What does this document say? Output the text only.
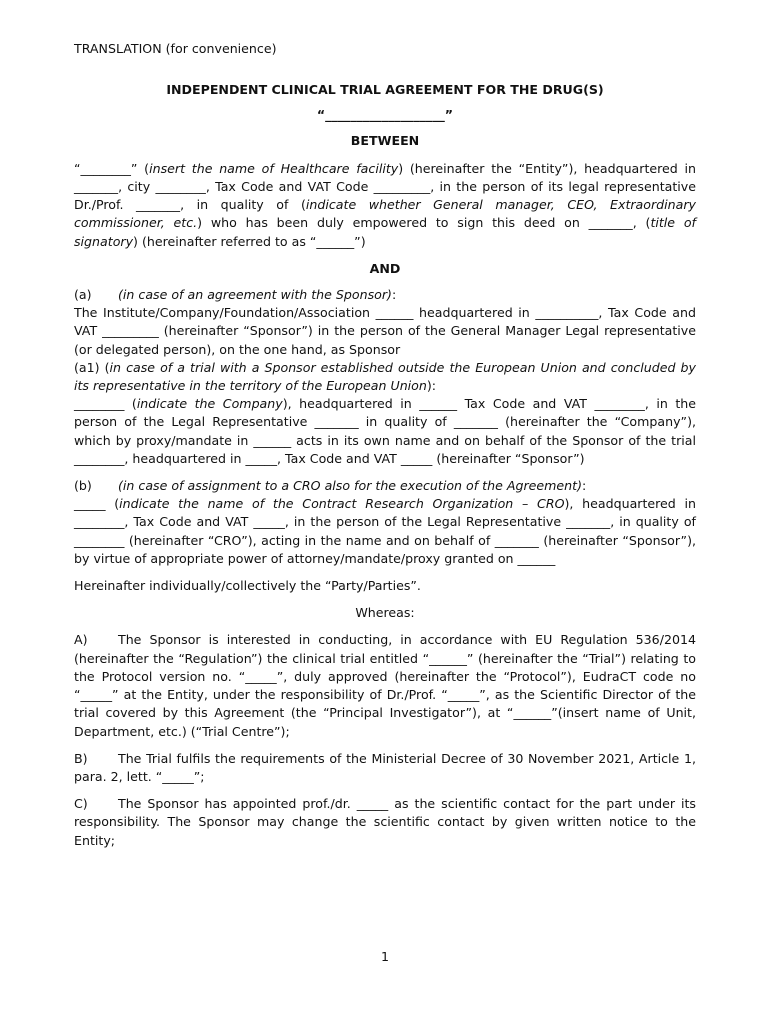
TRANSLATION (for convenience)
INDEPENDENT CLINICAL TRIAL AGREEMENT FOR THE DRUG(S)
“___________________”
BETWEEN

“________” (insert the name of Healthcare facility) (hereinafter the “Entity”), headquartered in _______, city ________, Tax Code and VAT Code _________, in the person of its legal representative Dr./Prof. _______, in quality of (indicate whether General manager, CEO, Extraordinary commissioner, etc.) who has been duly empowered to sign this deed on _______, (title of signatory) (hereinafter referred to as “______”)

AND

(a) (in case of an agreement with the Sponsor):
The Institute/Company/Foundation/Association ______ headquartered in __________, Tax Code and VAT _________ (hereinafter “Sponsor”) in the person of the General Manager Legal representative (or delegated person), on the one hand, as Sponsor
(a1) (in case of a trial with a Sponsor established outside the European Union and concluded by its representative in the territory of the European Union):
________ (indicate the Company), headquartered in ______ Tax Code and VAT ________, in the person of the Legal Representative _______ in quality of _______ (hereinafter the “Company”), which by proxy/mandate in ______ acts in its own name and on behalf of the Sponsor of the trial ________, headquartered in _____, Tax Code and VAT _____ (hereinafter “Sponsor”)

(b) (in case of assignment to a CRO also for the execution of the Agreement):
_____ (indicate the name of the Contract Research Organization – CRO), headquartered in ________, Tax Code and VAT _____, in the person of the Legal Representative _______, in quality of ________ (hereinafter “CRO”), acting in the name and on behalf of _______ (hereinafter “Sponsor”), by virtue of appropriate power of attorney/mandate/proxy granted on ______

Hereinafter individually/collectively the “Party/Parties”.

Whereas:

A) The Sponsor is interested in conducting, in accordance with EU Regulation 536/2014 (hereinafter the “Regulation”) the clinical trial entitled “______” (hereinafter the “Trial”) relating to the Protocol version no. “_____”, duly approved (hereinafter the “Protocol”), EudraCT code no “_____” at the Entity, under the responsibility of Dr./Prof. “_____”, as the Scientific Director of the trial covered by this Agreement (the “Principal Investigator”), at “______”(insert name of Unit, Department, etc.) (“Trial Centre”);

B) The Trial fulfils the requirements of the Ministerial Decree of 30 November 2021, Article 1, para. 2, lett. “_____”;

C) The Sponsor has appointed prof./dr. _____ as the scientific contact for the part under its responsibility. The Sponsor may change the scientific contact by given written notice to the Entity;

1
